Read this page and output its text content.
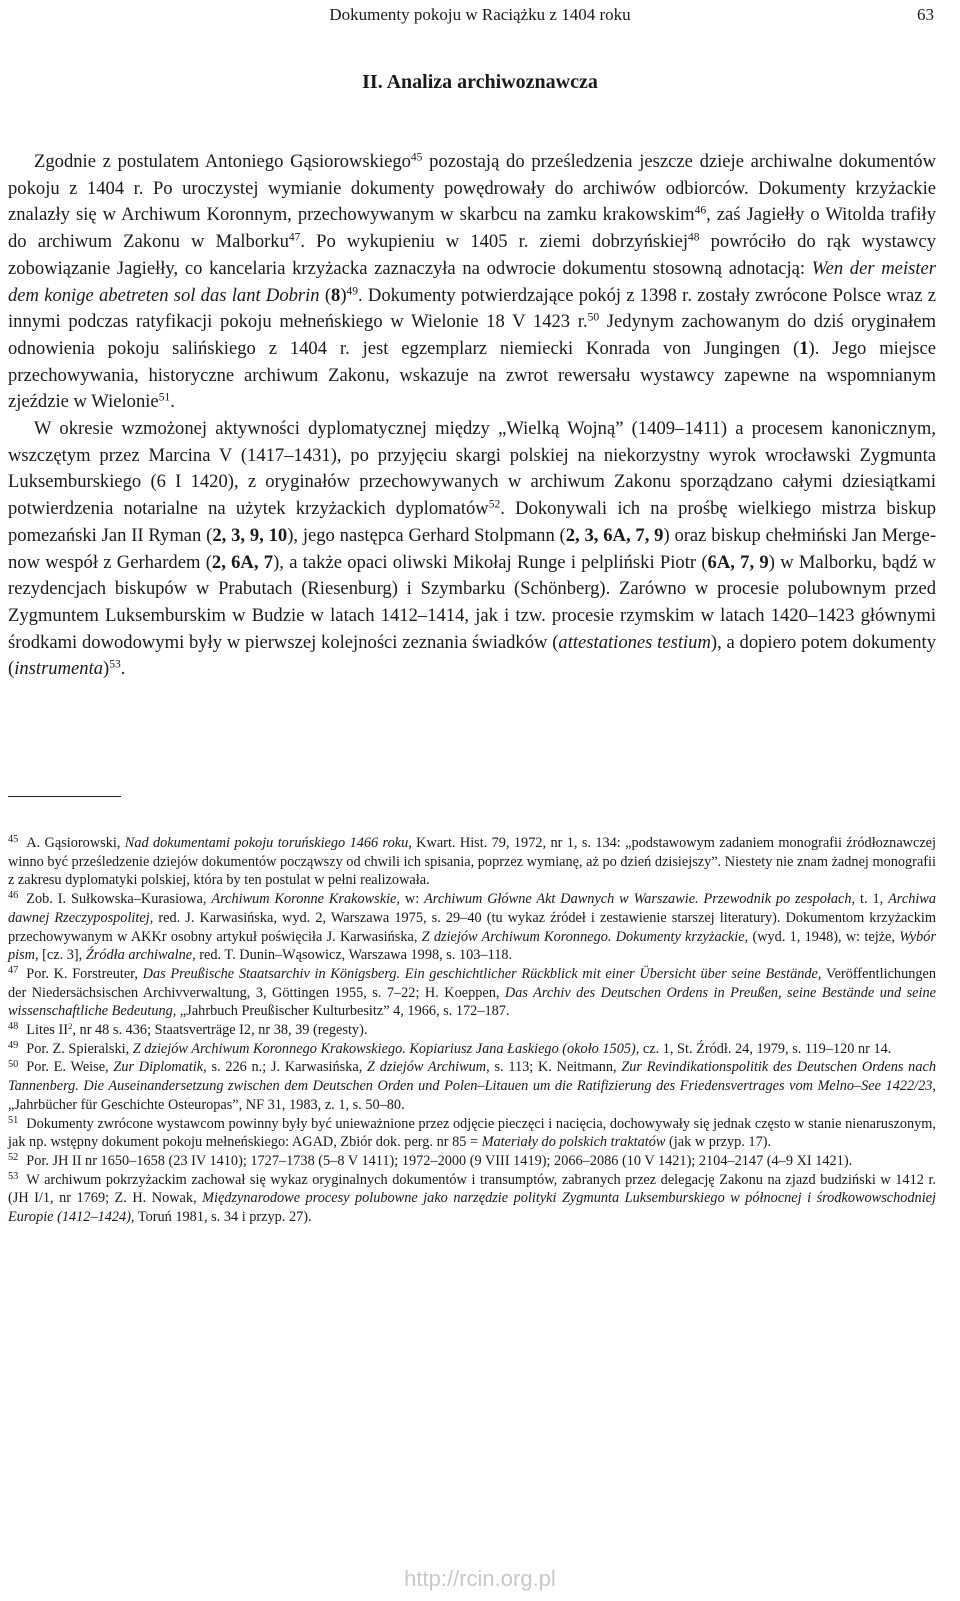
Dokumenty pokoju w Raciążku z 1404 roku	63
II. Analiza archiwoznawcza

Zgodnie z postulatem Antoniego Gąsiorowskiego$^{45}$ pozostają do prześledzenia jeszcze dzieje archiwalne dokumentów pokoju z 1404 r. Po uroczystej wymianie dokumenty powędrowały do archiwów odbiorców. Dokumenty krzyżackie znalazły się w Archiwum Koronnym, przechowywanym w skarbcu na zamku krakowskim$^{46}$, zaś Jagiełły o Witolda trafiły do archiwum Zakonu w Malborku$^{47}$. Po wykupieniu w 1405 r. ziemi dobrzyńskiej$^{48}$ powróciło do rąk wystawcy zobowiązanie Jagiełły, co kancelaria krzyżacka zaznaczyła na odwrocie dokumentu stosowną adnotacją: Wen der meister dem konige abetreten sol das lant Dobrin $(8)^{49}$. Dokumenty potwierdzające pokój z 1398 r. zostały zwrócone Polsce wraz z innymi podczas ratyfikacji pokoju mełneńskiego w Wielonie 18 V 1423 r.$^{50}$ Jedynym zachowanym do dziś oryginałem odnowienia pokoju salińskiego z 1404 r. jest egzemplarz niemiecki Konrada von Jungingen (1). Jego miejsce przechowywania, historyczne archiwum Zakonu, wskazuje na zwrot rewersału wystawcy zapewne na wspomnianym zjeździe w Wielonie$^{51}$.

W okresie wzmożonej aktywności dyplomatycznej między „Wielką Wojną” (1409–1411) a procesem kanonicznym, wszczętym przez Marcina V (1417–1431), po przyjęciu skargi polskiej na niekorzystny wyrok wrocławski Zygmunta Luksemburskiego (6 I 1420), z oryginałów przechowywanych w archiwum Zakonu sporządzano całymi dziesiątkami potwierdzenia notarialne na użytek krzyżackich dyplomatów$^{52}$. Dokonywali ich na prośbę wielkiego mistrza biskup pomezański Jan II Ryman (2, 3, 9, 10), jego następca Gerhard Stolpmann (2, 3, 6A, 7, 9) oraz biskup chełmiński Jan Mergenow wespół z Gerhardem (2, 6A, 7), a także opaci oliwski Mikołaj Runge i pelpliński Piotr (6A, 7, 9) w Malborku, bądź w rezydencjach biskupów w Prabutach (Riesenburg) i Szymbarku (Schönberg). Zarówno w procesie polubownym przed Zygmuntem Luksemburskim w Budzie w latach 1412–1414, jak i tzw. procesie rzymskim w latach 1420–1423 głównymi środkami dowodowymi były w pierwszej kolejności zeznania świadków (attestationes testium), a dopiero potem dokumenty (instrumenta)$^{53}$.

$^{45}$ A. Gąsiorowski, Nad dokumentami pokoju toruńskiego 1466 roku, Kwart. Hist. 79, 1972, nr 1, s. 134: „podstawowym zadaniem monografii źródłoznawczej winno być prześledzenie dziejów dokumentów począwszy od chwili ich spisania, poprzez wymianę, aż po dzień dzisiejszy”. Niestety nie znam żadnej monografii z zakresu dyplomatyki polskiej, która by ten postulat w pełni realizowała.

$^{46}$ Zob. I. Sułkowska–Kurasiowa, Archiwum Koronne Krakowskie, w: Archiwum Główne Akt Dawnych w Warszawie. Przewodnik po zespołach, t. 1, Archiwa dawnej Rzeczypospolitej, red. J. Karwasińska, wyd. 2, Warszawa 1975, s. 29–40 (tu wykaz źródeł i zestawienie starszej literatury). Dokumentom krzyżackim przechowywanym w AKKr osobny artykuł poświęciła J. Karwasińska, Z dziejów Archiwum Koronnego. Dokumenty krzyżackie, (wyd. 1, 1948), w: tejże, Wybór pism, [cz. 3], Źródła archiwalne, red. T. Dunin–Wąsowicz, Warszawa 1998, s. 103–118.

$^{47}$ Por. K. Forstreuter, Das Preußische Staatsarchiv in Königsberg. Ein geschichtlicher Rückblick mit einer Übersicht über seine Bestände, Veröffentlichungen der Niedersächsischen Archivverwaltung, 3, Göttingen 1955, s. 7–22; H. Koeppen, Das Archiv des Deutschen Ordens in Preußen, seine Bestände und seine wissenschaftliche Bedeutung, „Jahrbuch Preußischer Kulturbesitz” 4, 1966, s. 172–187.

$^{48}$ Lites $II^2$, nr 48 s. 436; Staatsverträge I2, nr 38, 39 (regesty).

$^{49}$ Por. Z. Spieralski, Z dziejów Archiwum Koronnego Krakowskiego. Kopiariusz Jana Łaskiego (około 1505), cz. 1, St. Źródł. 24, 1979, s. 119–120 nr 14.

$^{50}$ Por. E. Weise, Zur Diplomatik, s. 226 n.; J. Karwasińska, Z dziejów Archiwum, s. 113; K. Neitmann, Zur Revindikationspolitik des Deutschen Ordens nach Tannenberg. Die Auseinandersetzung zwischen dem Deutschen Orden und Polen–Litauen um die Ratifizierung des Friedensvertrages vom Melno–See 1422/23, „Jahrbücher für Geschichte Osteuropas”, NF 31, 1983, z. 1, s. 50–80.

$^{51}$ Dokumenty zwrócone wystawcom powinny były być unieważnione przez odjęcie pieczęci i nacięcia, dochowywały się jednak często w stanie nienaruszonym, jak np. wstępny dokument pokoju mełneńskiego: AGAD, Zbiór dok. perg. nr 85 = Materiały do polskich traktatów (jak w przyp. 17).

$^{52}$ Por. JH II nr 1650–1658 (23 IV 1410); 1727–1738 (5–8 V 1411); 1972–2000 (9 VIII 1419); 2066–2086 (10 V 1421); 2104–2147 (4–9 XI 1421).

$^{53}$ W archiwum pokrzyżackim zachował się wykaz oryginalnych dokumentów i transumptów, zabranych przez delegację Zakonu na zjazd budziński w 1412 r. (JH I/1, nr 1769; Z. H. Nowak, Międzynarodowe procesy polubowne jako narzędzie polityki Zygmunta Luksemburskiego w północnej i środkowowschodniej Europie (1412–1424), Toruń 1981, s. 34 i przyp. 27).

http://rcin.org.pl
